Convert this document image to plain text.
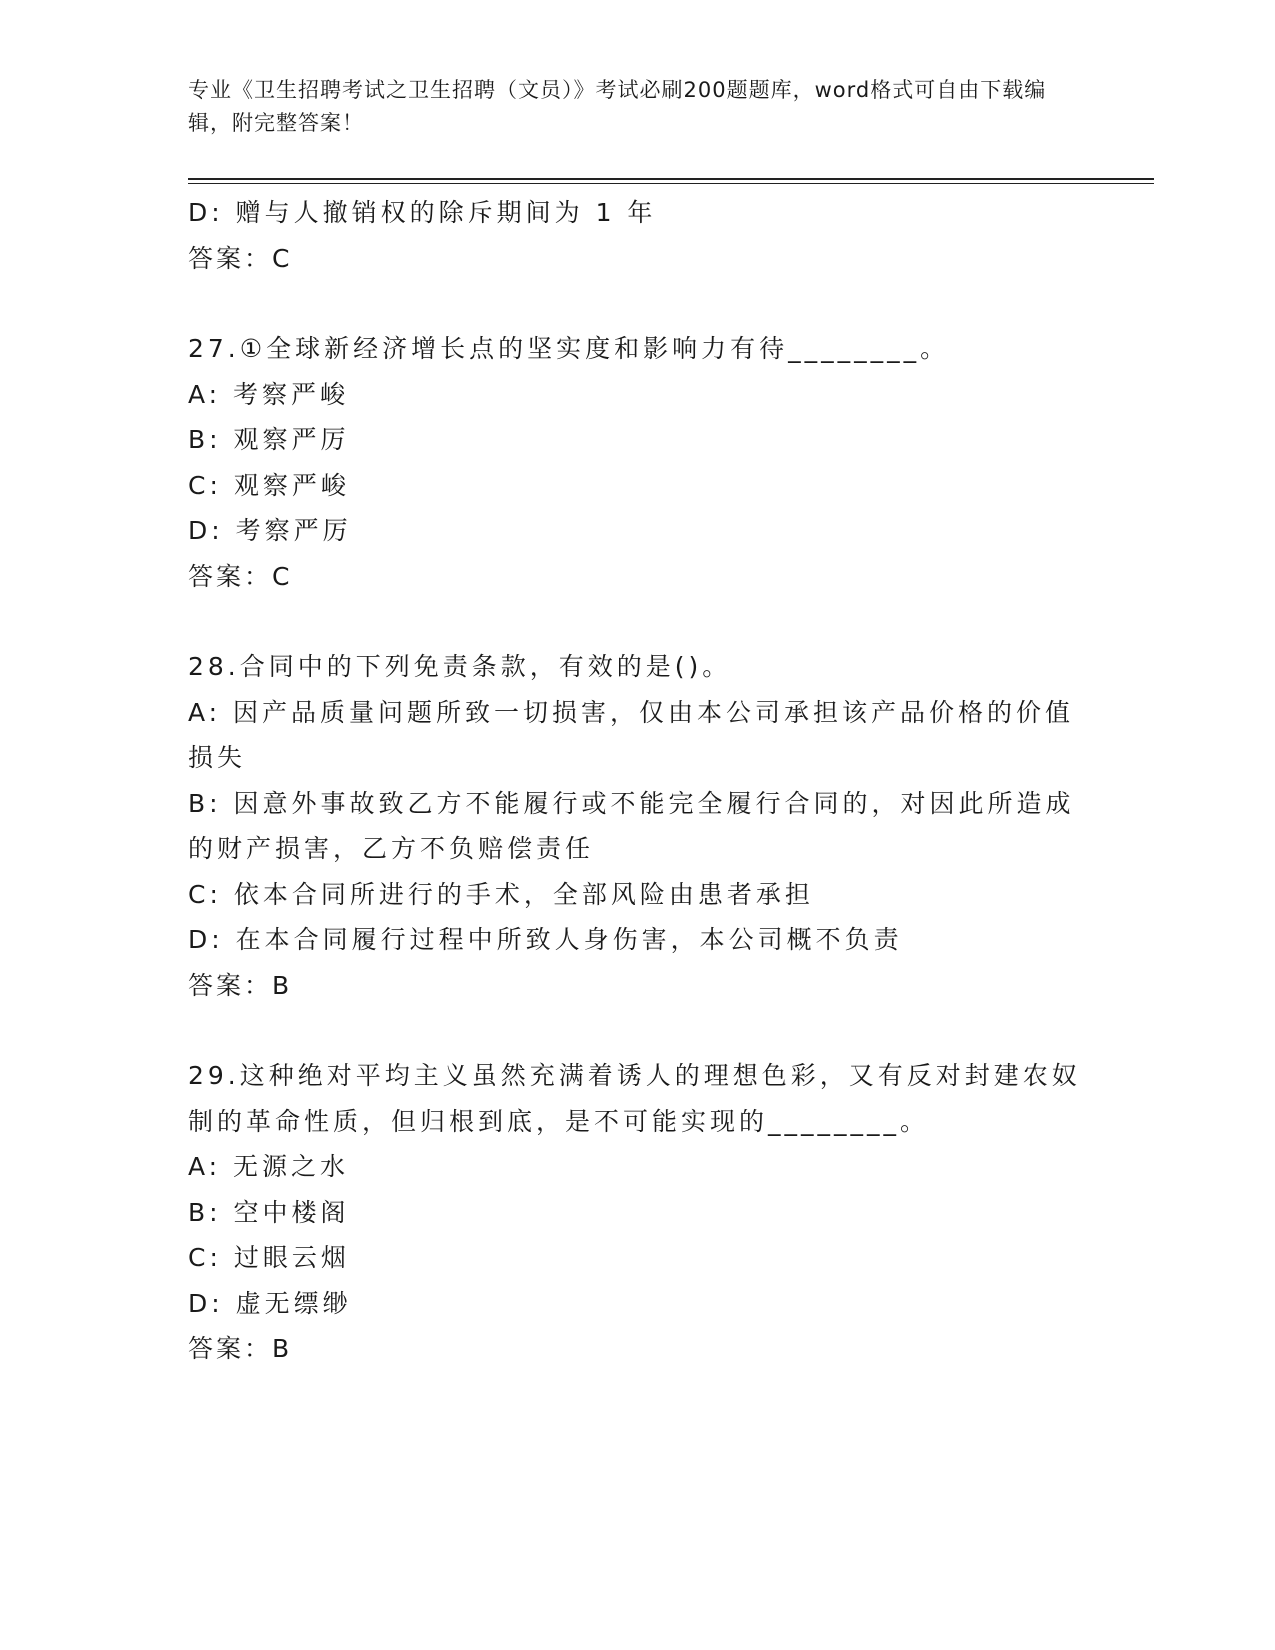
专业《卫生招聘考试之卫生招聘（文员）》考试必刷200题题库，word格式可自由下载编辑，附完整答案！
D: 赠与人撤销权的除斥期间为 1 年
答案：C
27.①全球新经济增长点的坚实度和影响力有待________。
A: 考察严峻
B: 观察严厉
C: 观察严峻
D: 考察严厉
答案：C
28.合同中的下列免责条款，有效的是()。
A: 因产品质量问题所致一切损害，仅由本公司承担该产品价格的价值损失
B: 因意外事故致乙方不能履行或不能完全履行合同的，对因此所造成的财产损害，乙方不负赔偿责任
C: 依本合同所进行的手术，全部风险由患者承担
D: 在本合同履行过程中所致人身伤害，本公司概不负责
答案：B
29.这种绝对平均主义虽然充满着诱人的理想色彩，又有反对封建农奴制的革命性质，但归根到底，是不可能实现的________。
A: 无源之水
B: 空中楼阁
C: 过眼云烟
D: 虚无缥缈
答案：B
